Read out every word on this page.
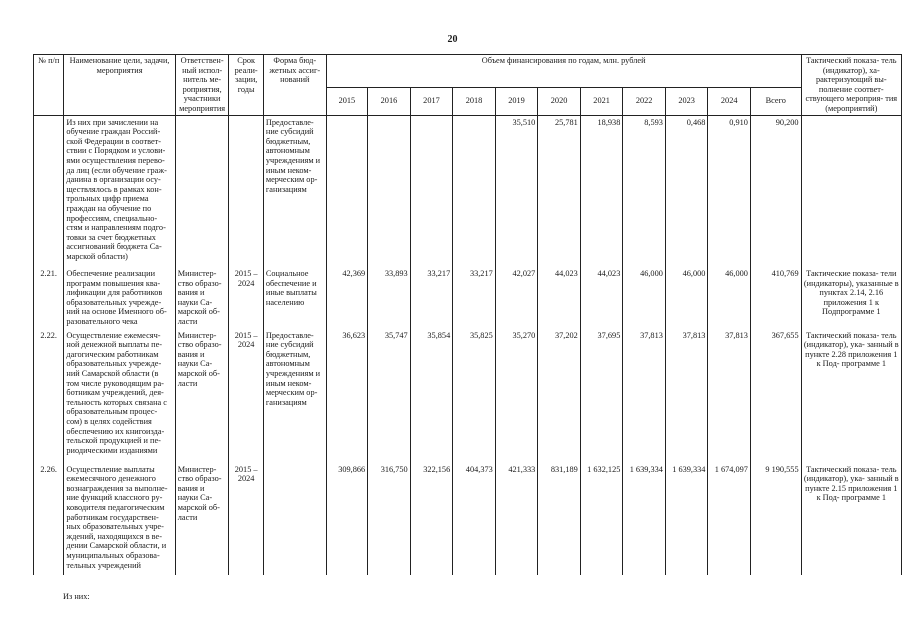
20
№ п/п	Наименование цели, задачи, мероприятия	Ответствен- ный испол- нитель ме- роприятия, участники мероприятия	Срок реали- зации, годы	Форма бюд- жетных ассиг- нований	Объем финансирования по годам, млн. рублей											Тактический показа- тель (индикатор), ха- рактеризующий вы- полнение соответ- ствующего мероприя- тия (мероприятий)
					2015	2016	2017	2018	2019	2020	2021	2022	2023	2024	Всего	
	Из них при зачислении на обучение граждан Россий- ской Федерации в соответ- ствии с Порядком и услови- ями осуществления перево- да лиц (если обучение граж- данина в организации осу- ществлялось в рамках кон- трольных цифр приема граждан на обучение по профессиям, специально- стям и направлениям подго- товки за счет бюджетных ассигнований бюджета Са- марской области)			Предоставле- ние субсидий бюджетным, автономным учреждениям и иным неком- мерческим ор- ганизациям					35,510	25,781	18,938	8,593	0,468	0,910	90,200	
2.21.	Обеспечение реализации программ повышения ква- лификации для работников образовательных учрежде- ний на основе Именного об- разовательного чека	Министер- ство образо- вания и науки Са- марской об- ласти	2015 – 2024	Социальное обеспечение и иные выплаты населению	42,369	33,893	33,217	33,217	42,027	44,023	44,023	46,000	46,000	46,000	410,769	Тактические показа- тели (индикаторы), указанные в пунктах 2.14, 2.16 приложения 1 к Подпрограмме 1
2.22.	Осуществление ежемесяч- ной денежной выплаты пе- дагогическим работникам образовательных учрежде- ний Самарской области (в том числе руководящим ра- ботникам учреждений, дея- тельность которых связана с образовательным процес- сом) в целях содействия обеспечению их книгоизда- тельской продукцией и пе- риодическими изданиями	Министер- ство образо- вания и науки Са- марской об- ласти	2015 – 2024	Предоставле- ние субсидий бюджетным, автономным учреждениям и иным неком- мерческим ор- ганизациям	36,623	35,747	35,854	35,825	35,270	37,202	37,695	37,813	37,813	37,813	367,655	Тактический показа- тель (индикатор), ука- занный в пункте 2.28 приложения 1 к Под- программе 1
2.26.	Осуществление выплаты ежемесячного денежного вознаграждения за выполне- ние функций классного ру- ководителя педагогическим работникам государствен- ных образовательных учре- ждений, находящихся в ве- дении Самарской области, и муниципальных образова- тельных учреждений	Министер- ство образо- вания и науки Са- марской об- ласти	2015 –2024		309,866	316,750	322,156	404,373	421,333	831,189	1 632,125	1 639,334	1 639,334	1 674,097	9 190,555	Тактический показа- тель (индикатор), ука- занный в пункте 2.15 приложения 1 к Под- программе 1
Из них:
